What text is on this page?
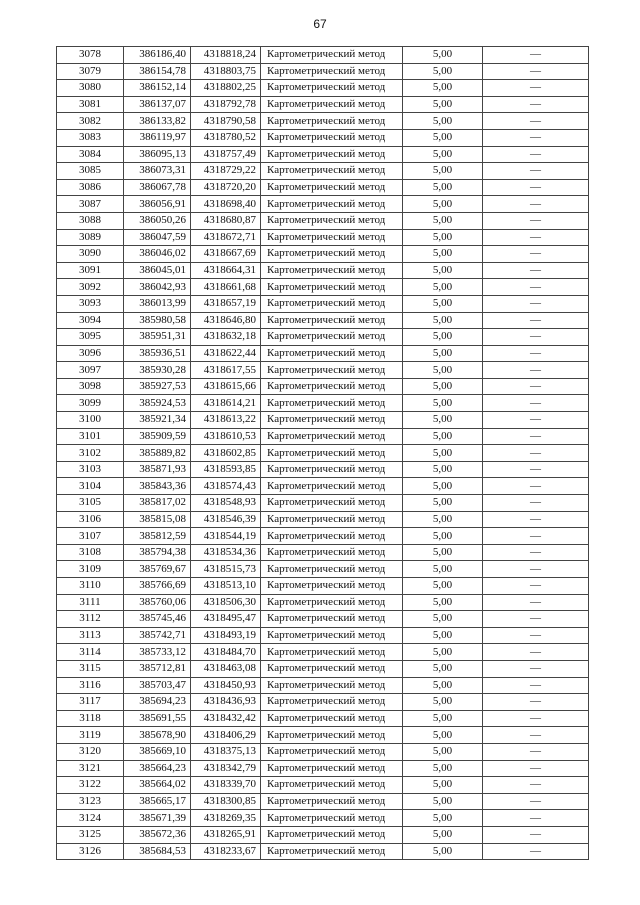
67
3078	386186,40	4318818,24	Картометрический метод	5,00	—
3079	386154,78	4318803,75	Картометрический метод	5,00	—
3080	386152,14	4318802,25	Картометрический метод	5,00	—
3081	386137,07	4318792,78	Картометрический метод	5,00	—
3082	386133,82	4318790,58	Картометрический метод	5,00	—
3083	386119,97	4318780,52	Картометрический метод	5,00	—
3084	386095,13	4318757,49	Картометрический метод	5,00	—
3085	386073,31	4318729,22	Картометрический метод	5,00	—
3086	386067,78	4318720,20	Картометрический метод	5,00	—
3087	386056,91	4318698,40	Картометрический метод	5,00	—
3088	386050,26	4318680,87	Картометрический метод	5,00	—
3089	386047,59	4318672,71	Картометрический метод	5,00	—
3090	386046,02	4318667,69	Картометрический метод	5,00	—
3091	386045,01	4318664,31	Картометрический метод	5,00	—
3092	386042,93	4318661,68	Картометрический метод	5,00	—
3093	386013,99	4318657,19	Картометрический метод	5,00	—
3094	385980,58	4318646,80	Картометрический метод	5,00	—
3095	385951,31	4318632,18	Картометрический метод	5,00	—
3096	385936,51	4318622,44	Картометрический метод	5,00	—
3097	385930,28	4318617,55	Картометрический метод	5,00	—
3098	385927,53	4318615,66	Картометрический метод	5,00	—
3099	385924,53	4318614,21	Картометрический метод	5,00	—
3100	385921,34	4318613,22	Картометрический метод	5,00	—
3101	385909,59	4318610,53	Картометрический метод	5,00	—
3102	385889,82	4318602,85	Картометрический метод	5,00	—
3103	385871,93	4318593,85	Картометрический метод	5,00	—
3104	385843,36	4318574,43	Картометрический метод	5,00	—
3105	385817,02	4318548,93	Картометрический метод	5,00	—
3106	385815,08	4318546,39	Картометрический метод	5,00	—
3107	385812,59	4318544,19	Картометрический метод	5,00	—
3108	385794,38	4318534,36	Картометрический метод	5,00	—
3109	385769,67	4318515,73	Картометрический метод	5,00	—
3110	385766,69	4318513,10	Картометрический метод	5,00	—
3111	385760,06	4318506,30	Картометрический метод	5,00	—
3112	385745,46	4318495,47	Картометрический метод	5,00	—
3113	385742,71	4318493,19	Картометрический метод	5,00	—
3114	385733,12	4318484,70	Картометрический метод	5,00	—
3115	385712,81	4318463,08	Картометрический метод	5,00	—
3116	385703,47	4318450,93	Картометрический метод	5,00	—
3117	385694,23	4318436,93	Картометрический метод	5,00	—
3118	385691,55	4318432,42	Картометрический метод	5,00	—
3119	385678,90	4318406,29	Картометрический метод	5,00	—
3120	385669,10	4318375,13	Картометрический метод	5,00	—
3121	385664,23	4318342,79	Картометрический метод	5,00	—
3122	385664,02	4318339,70	Картометрический метод	5,00	—
3123	385665,17	4318300,85	Картометрический метод	5,00	—
3124	385671,39	4318269,35	Картометрический метод	5,00	—
3125	385672,36	4318265,91	Картометрический метод	5,00	—
3126	385684,53	4318233,67	Картометрический метод	5,00	—
